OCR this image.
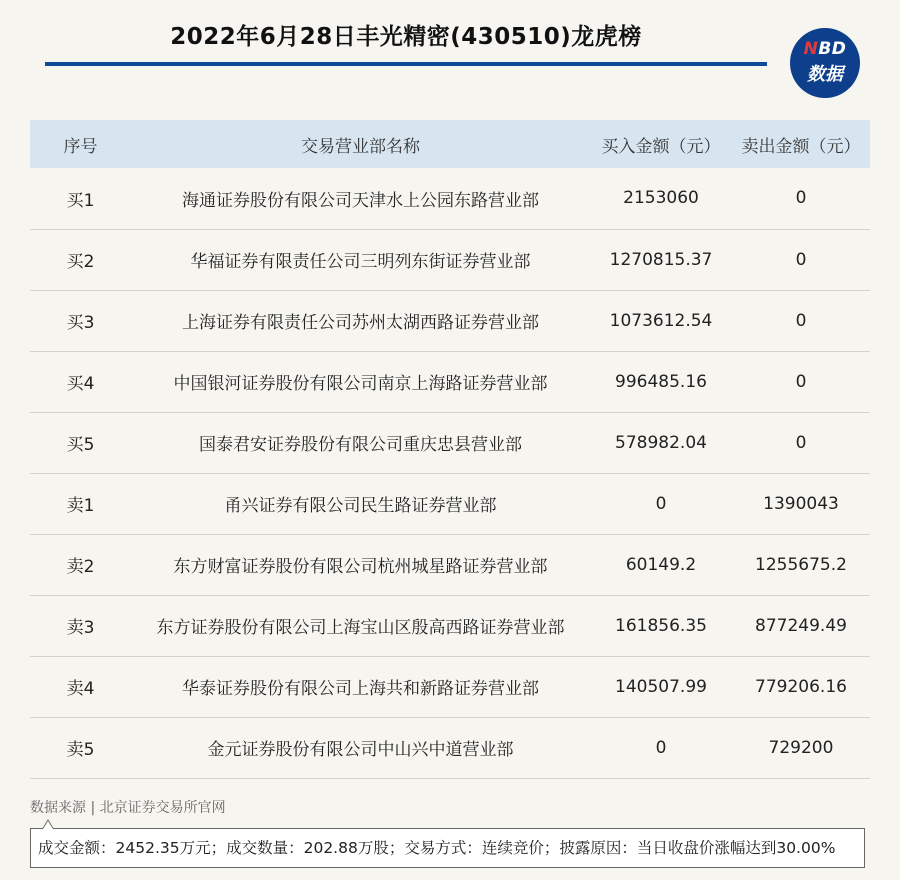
2022年6月28日丰光精密(430510)龙虎榜	NBD
数据
序号	交易营业部名称	买入金额（元）	卖出金额（元）
买1	海通证券股份有限公司天津水上公园东路营业部	2153060	0
买2	华福证券有限责任公司三明列东街证券营业部	1270815.37	0
买3	上海证券有限责任公司苏州太湖西路证券营业部	1073612.54	0
买4	中国银河证券股份有限公司南京上海路证券营业部	996485.16	0
买5	国泰君安证券股份有限公司重庆忠县营业部	578982.04	0
卖1	甬兴证券有限公司民生路证券营业部	0	1390043
卖2	东方财富证券股份有限公司杭州城星路证券营业部	60149.2	1255675.2
卖3	东方证券股份有限公司上海宝山区殷高西路证券营业部	161856.35	877249.49
卖4	华泰证券股份有限公司上海共和新路证券营业部	140507.99	779206.16
卖5	金元证券股份有限公司中山兴中道营业部	0	729200
数据来源 | 北京证券交易所官网
成交金额：2452.35万元；成交数量：202.88万股；交易方式：连续竞价；披露原因：当日收盘价涨幅达到30.00%
